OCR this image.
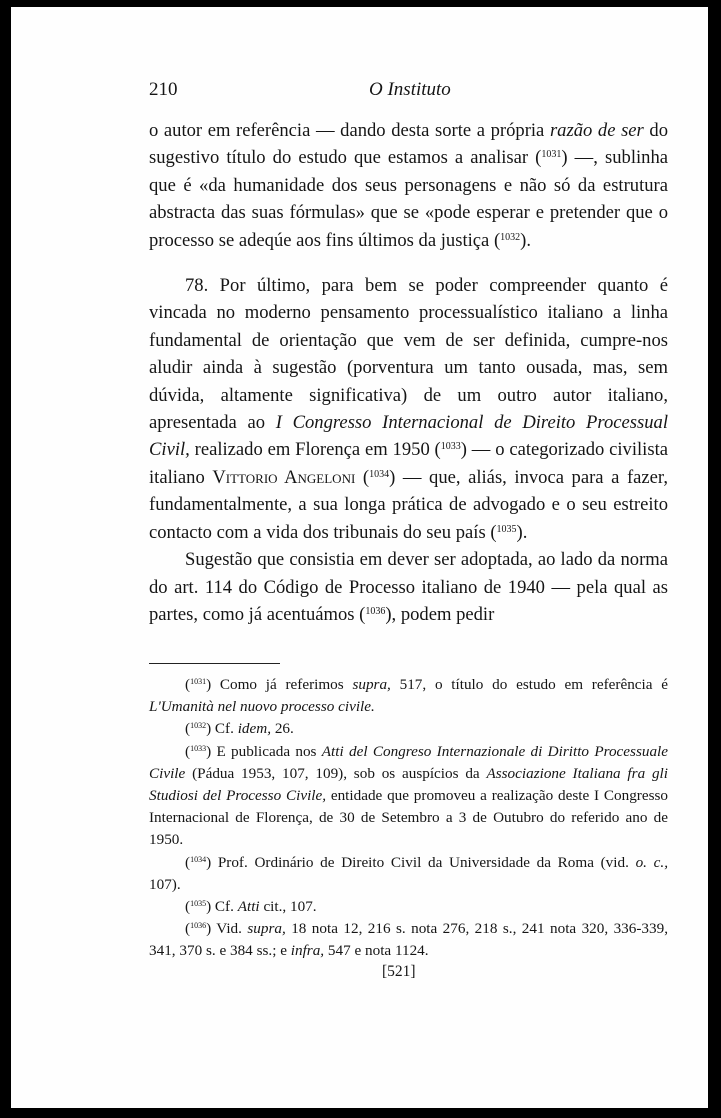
210	O Instituto

o autor em referência — dando desta sorte a própria razão de ser do sugestivo título do estudo que estamos a analisar ($^{1031}$) —, sublinha que é «da humanidade dos seus personagens e não só da estrutura abstracta das suas fórmulas» que se «pode esperar e pretender que o processo se adeqúe aos fins últimos da justiça ($^{1032}$).

78. Por último, para bem se poder compreender quanto é vincada no moderno pensamento processualístico italiano a linha fundamental de orientação que vem de ser definida, cumpre-nos aludir ainda à sugestão (porventura um tanto ousada, mas, sem dúvida, altamente significativa) de um outro autor italiano, apresentada ao I Congresso Internacional de Direito Processual Civil, realizado em Florença em 1950 ($^{1033}$) — o categorizado civilista italiano Vittorio Angeloni ($^{1034}$) — que, aliás, invoca para a fazer, fundamentalmente, a sua longa prática de advogado e o seu estreito contacto com a vida dos tribunais do seu país ($^{1035}$).

Sugestão que consistia em dever ser adoptada, ao lado da norma do art. 114 do Código de Processo italiano de 1940 — pela qual as partes, como já acentuámos ($^{1036}$), podem pedir

($^{1031}$) Como já referimos supra, 517, o título do estudo em referência é L'Umanità nel nuovo processo civile.

($^{1032}$) Cf. idem, 26.

($^{1033}$) E publicada nos Atti del Congreso Internazionale di Diritto Processuale Civile (Pádua 1953, 107, 109), sob os auspícios da Associazione Italiana fra gli Studiosi del Processo Civile, entidade que promoveu a realização deste I Congresso Internacional de Florença, de 30 de Setembro a 3 de Outubro do referido ano de 1950.

($^{1034}$) Prof. Ordinário de Direito Civil da Universidade da Roma (vid. o. c., 107).

($^{1035}$) Cf. Atti cit., 107.

($^{1036}$) Vid. supra, 18 nota 12, 216 s. nota 276, 218 s., 241 nota 320, 336-339, 341, 370 s. e 384 ss.; e infra, 547 e nota 1124.

[521]
